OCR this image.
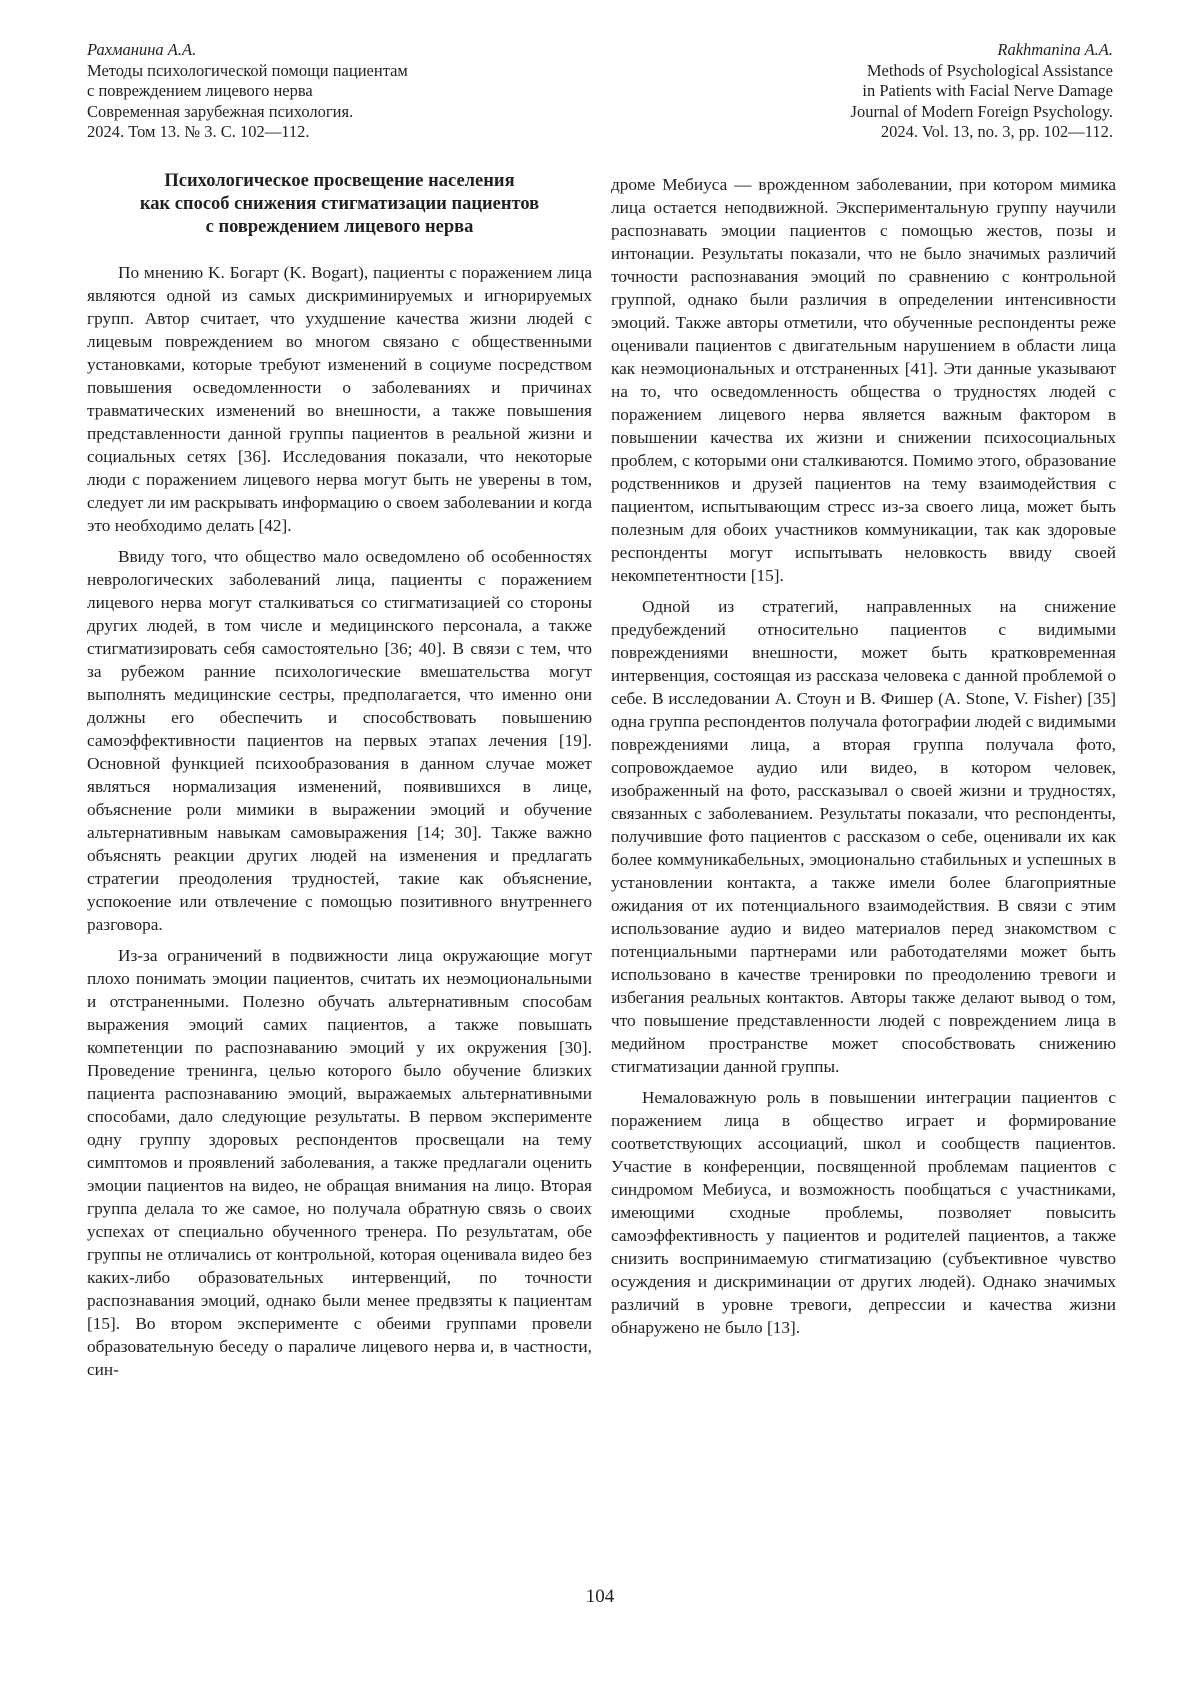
Рахманина А.А.
Методы психологической помощи пациентам
с повреждением лицевого нерва
Современная зарубежная психология.
2024. Том 13. № 3. С. 102—112.
Rakhmanina A.A.
Methods of Psychological Assistance
in Patients with Facial Nerve Damage
Journal of Modern Foreign Psychology.
2024. Vol. 13, no. 3, pp. 102—112.
Психологическое просвещение населения
как способ снижения стигматизации пациентов
с повреждением лицевого нерва

По мнению K. Богарт (K. Bogart), пациенты с поражением лица являются одной из самых дискриминируемых и игнорируемых групп. Автор считает, что ухудшение качества жизни людей с лицевым повреждением во многом связано с общественными установками, которые требуют изменений в социуме посредством повышения осведомленности о заболеваниях и причинах травматических изменений во внешности, а также повышения представленности данной группы пациентов в реальной жизни и социальных сетях [36]. Исследования показали, что некоторые люди с поражением лицевого нерва могут быть не уверены в том, следует ли им раскрывать информацию о своем заболевании и когда это необходимо делать [42].

Ввиду того, что общество мало осведомлено об особенностях неврологических заболеваний лица, пациенты с поражением лицевого нерва могут сталкиваться со стигматизацией со стороны других людей, в том числе и медицинского персонала, а также стигматизировать себя самостоятельно [36; 40]. В связи с тем, что за рубежом ранние психологические вмешательства могут выполнять медицинские сестры, предполагается, что именно они должны его обеспечить и способствовать повышению самоэффективности пациентов на первых этапах лечения [19]. Основной функцией психообразования в данном случае может являться нормализация изменений, появившихся в лице, объяснение роли мимики в выражении эмоций и обучение альтернативным навыкам самовыражения [14; 30]. Также важно объяснять реакции других людей на изменения и предлагать стратегии преодоления трудностей, такие как объяснение, успокоение или отвлечение с помощью позитивного внутреннего разговора.

Из-за ограничений в подвижности лица окружающие могут плохо понимать эмоции пациентов, считать их неэмоциональными и отстраненными. Полезно обучать альтернативным способам выражения эмоций самих пациентов, а также повышать компетенции по распознаванию эмоций у их окружения [30]. Проведение тренинга, целью которого было обучение близких пациента распознаванию эмоций, выражаемых альтернативными способами, дало следующие результаты. В первом эксперименте одну группу здоровых респондентов просвещали на тему симптомов и проявлений заболевания, а также предлагали оценить эмоции пациентов на видео, не обращая внимания на лицо. Вторая группа делала то же самое, но получала обратную связь о своих успехах от специально обученного тренера. По результатам, обе группы не отличались от контрольной, которая оценивала видео без каких-либо образовательных интервенций, по точности распознавания эмоций, однако были менее предвзяты к пациентам [15]. Во втором эксперименте с обеими группами провели образовательную беседу о параличе лицевого нерва и, в частности, син-

дроме Мебиуса — врожденном заболевании, при котором мимика лица остается неподвижной. Экспериментальную группу научили распознавать эмоции пациентов с помощью жестов, позы и интонации. Результаты показали, что не было значимых различий точности распознавания эмоций по сравнению с контрольной группой, однако были различия в определении интенсивности эмоций. Также авторы отметили, что обученные респонденты реже оценивали пациентов с двигательным нарушением в области лица как неэмоциональных и отстраненных [41]. Эти данные указывают на то, что осведомленность общества о трудностях людей с поражением лицевого нерва является важным фактором в повышении качества их жизни и снижении психосоциальных проблем, с которыми они сталкиваются. Помимо этого, образование родственников и друзей пациентов на тему взаимодействия с пациентом, испытывающим стресс из-за своего лица, может быть полезным для обоих участников коммуникации, так как здоровые респонденты могут испытывать неловкость ввиду своей некомпетентности [15].

Одной из стратегий, направленных на снижение предубеждений относительно пациентов с видимыми повреждениями внешности, может быть кратковременная интервенция, состоящая из рассказа человека с данной проблемой о себе. В исследовании А. Стоун и В. Фишер (A. Stone, V. Fisher) [35] одна группа респондентов получала фотографии людей с видимыми повреждениями лица, а вторая группа получала фото, сопровождаемое аудио или видео, в котором человек, изображенный на фото, рассказывал о своей жизни и трудностях, связанных с заболеванием. Результаты показали, что респонденты, получившие фото пациентов с рассказом о себе, оценивали их как более коммуникабельных, эмоционально стабильных и успешных в установлении контакта, а также имели более благоприятные ожидания от их потенциального взаимодействия. В связи с этим использование аудио и видео материалов перед знакомством с потенциальными партнерами или работодателями может быть использовано в качестве тренировки по преодолению тревоги и избегания реальных контактов. Авторы также делают вывод о том, что повышение представленности людей с повреждением лица в медийном пространстве может способствовать снижению стигматизации данной группы.

Немаловажную роль в повышении интеграции пациентов с поражением лица в общество играет и формирование соответствующих ассоциаций, школ и сообществ пациентов. Участие в конференции, посвященной проблемам пациентов с синдромом Мебиуса, и возможность пообщаться с участниками, имеющими сходные проблемы, позволяет повысить самоэффективность у пациентов и родителей пациентов, а также снизить воспринимаемую стигматизацию (субъективное чувство осуждения и дискриминации от других людей). Однако значимых различий в уровне тревоги, депрессии и качества жизни обнаружено не было [13].

104
